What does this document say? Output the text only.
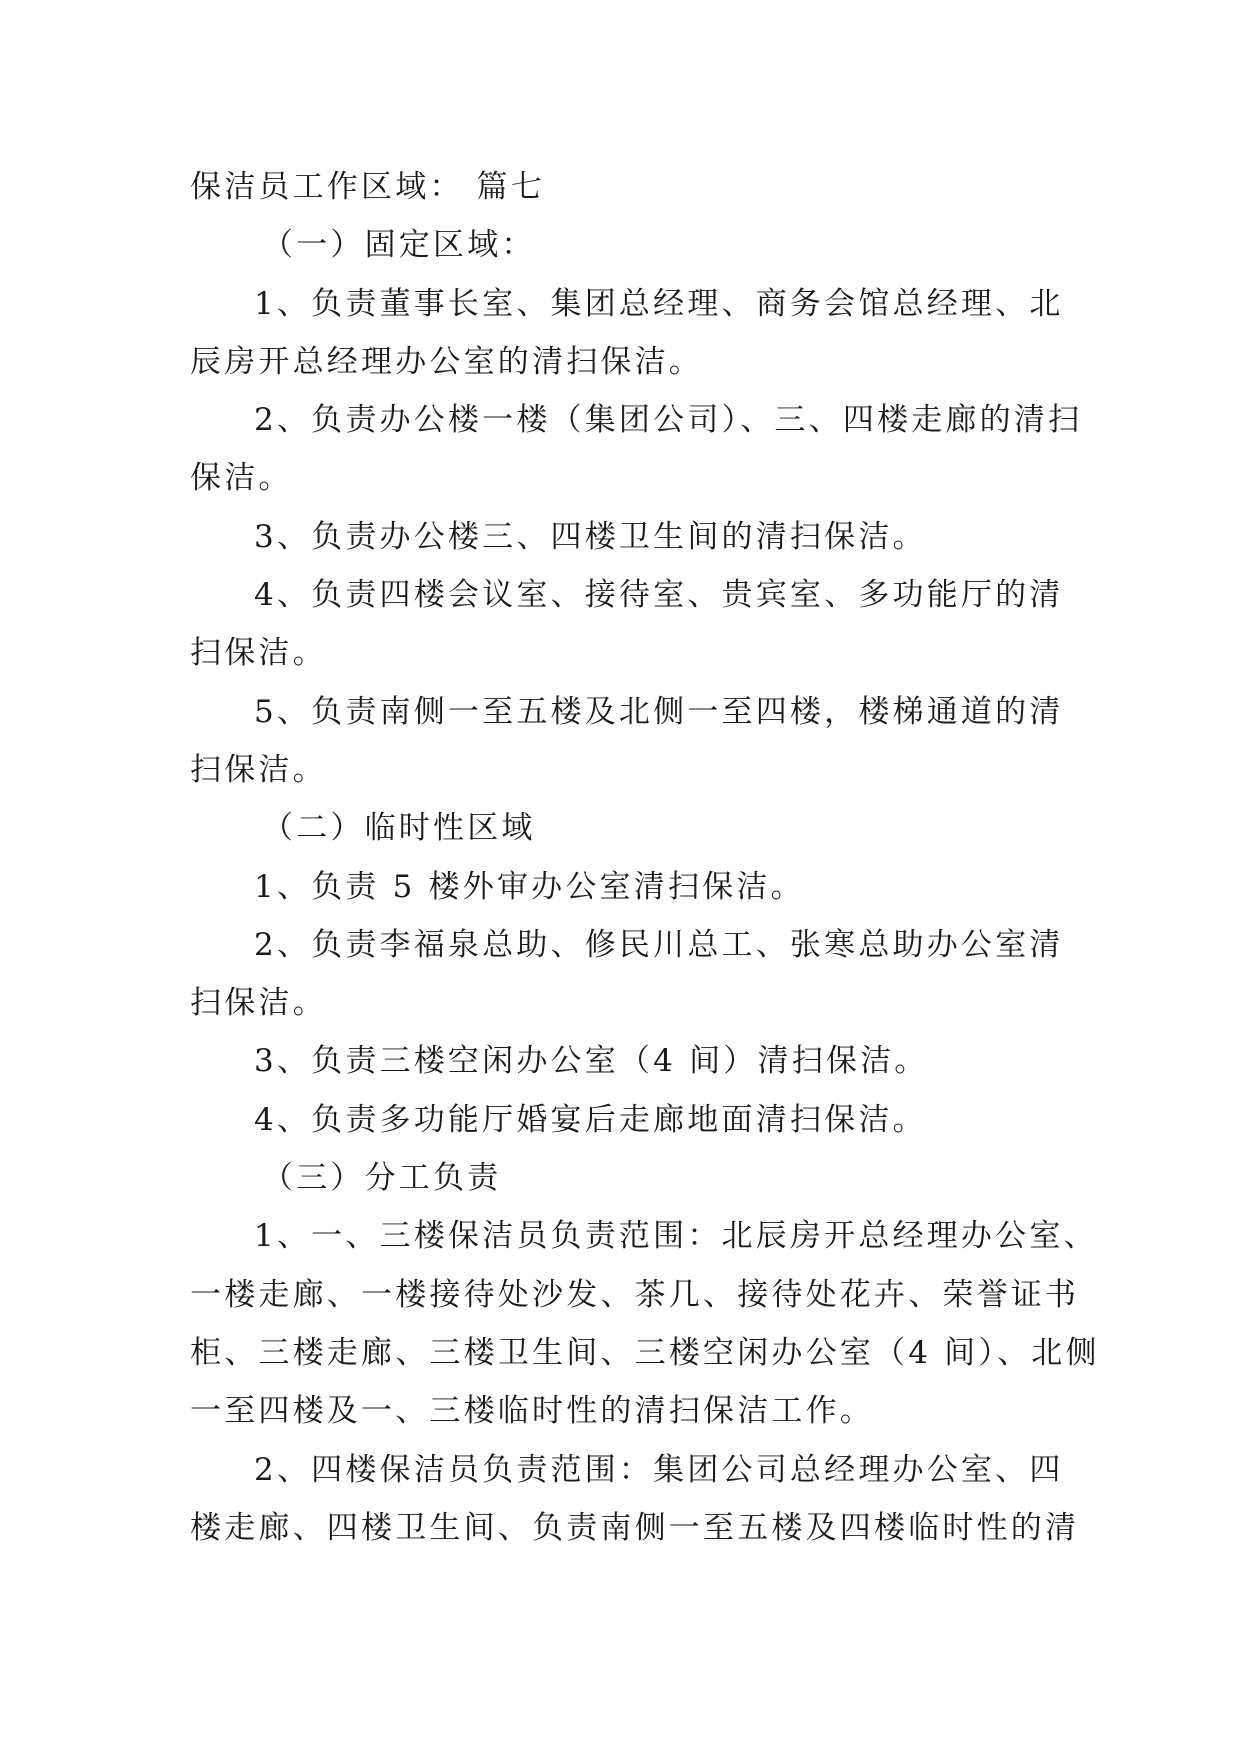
保洁员工作区域： 篇七
（一）固定区域：
1、负责董事长室、集团总经理、商务会馆总经理、北
辰房开总经理办公室的清扫保洁。
2、负责办公楼一楼（集团公司）、三、四楼走廊的清扫
保洁。
3、负责办公楼三、四楼卫生间的清扫保洁。
4、负责四楼会议室、接待室、贵宾室、多功能厅的清
扫保洁。
5、负责南侧一至五楼及北侧一至四楼，楼梯通道的清
扫保洁。
（二）临时性区域
1、负责 5 楼外审办公室清扫保洁。
2、负责李福泉总助、修民川总工、张寒总助办公室清
扫保洁。
3、负责三楼空闲办公室（4 间）清扫保洁。
4、负责多功能厅婚宴后走廊地面清扫保洁。
（三）分工负责
1、一、三楼保洁员负责范围：北辰房开总经理办公室、
一楼走廊、一楼接待处沙发、茶几、接待处花卉、荣誉证书
柜、三楼走廊、三楼卫生间、三楼空闲办公室（4 间）、北侧
一至四楼及一、三楼临时性的清扫保洁工作。
2、四楼保洁员负责范围：集团公司总经理办公室、四
楼走廊、四楼卫生间、负责南侧一至五楼及四楼临时性的清
